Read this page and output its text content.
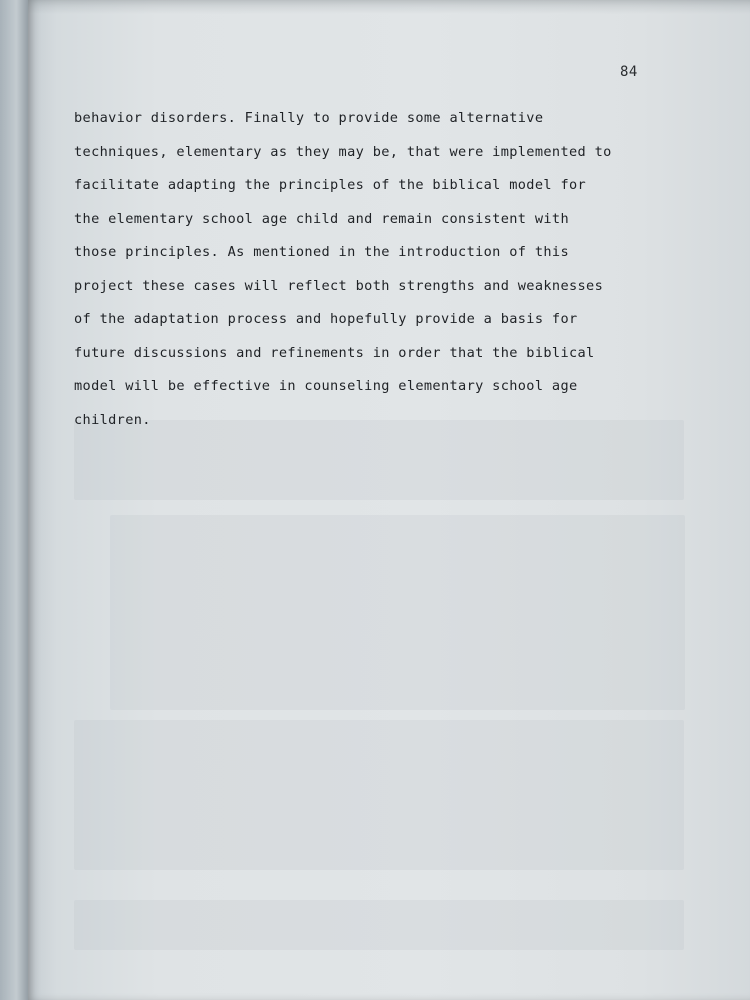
84
behavior disorders. Finally to provide some alternative
techniques, elementary as they may be, that were implemented to
facilitate adapting the principles of the biblical model for
the elementary school age child and remain consistent with
those principles. As mentioned in the introduction of this
project these cases will reflect both strengths and weaknesses
of the adaptation process and hopefully provide a basis for
future discussions and refinements in order that the biblical
model will be effective in counseling elementary school age
children.
